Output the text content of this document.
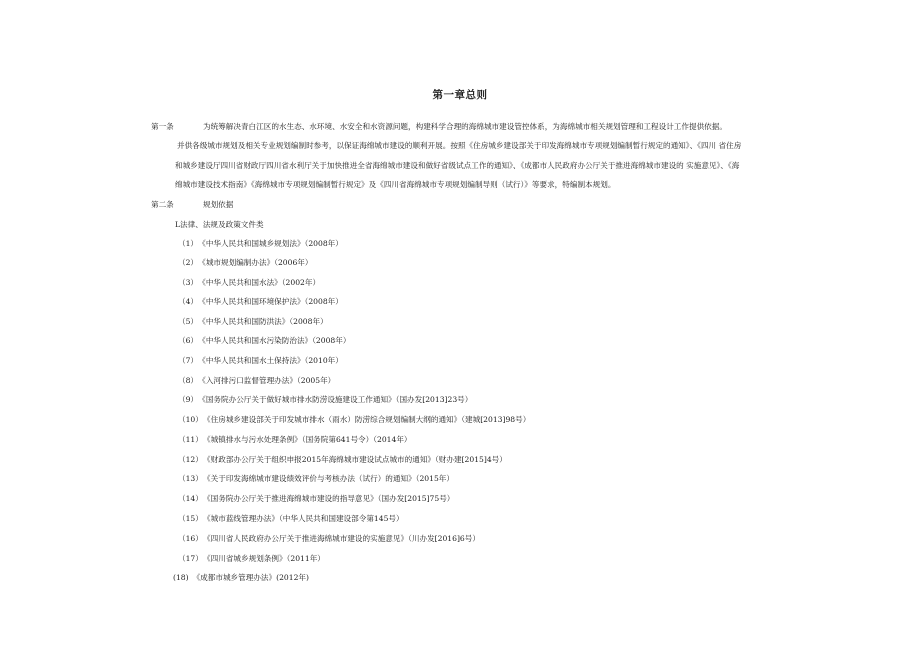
第一章总则
第一条	为统筹解决青白江区的水生态、水环境、水安全和水资源问题，构建科学合理的海绵城市建设管控体系，为海绵城市相关规划管理和工程设计工作提供依据。
并供各级城市规划及相关专业规划编制时参考，以保证海绵城市建设的顺利开展。按照《住房城乡建设部关于印发海绵城市专项规划编制暂行规定的通知》、《四川 省住房
和城乡建设厅四川省财政厅四川省水利厅关于加快推进全省海绵城市建设和做好省级试点工作的通知》、《成都市人民政府办公厅关于推进海绵城市建设的 实施意见》、《海
绵城市建设技术指南》《海绵城市专项规划编制暂行规定》及《四川省海绵城市专项规划编制导则（试行）》等要求，特编制本规划。
第二条	规划依据
L法律、法规及政策文件类
（1） 《中华人民共和国城乡规划法》（2008年）
（2） 《城市规划编制办法》（2006年）
（3） 《中华人民共和国水法》（2002年）
（4） 《中华人民共和国环境保护法》（2008年）
（5） 《中华人民共和国防洪法》（2008年）
（6） 《中华人民共和国水污染防治法》（2008年）
（7） 《中华人民共和国水土保持法》（2010年）
（8） 《入河排污口监督管理办法》（2005年）
（9） 《国务院办公厅关于做好城市排水防涝设施建设工作通知》（国办发[2013]23号）
（10） 《住房城乡建设部关于印发城市排水（雨水）防涝综合规划编制大纲的通知》（建城[2013]98号）
（11） 《城镇排水与污水处理条例》（国务院第641号令）（2014年）
（12） 《财政部办公厅关于组织申报2015年海绵城市建设试点城市的通知》（财办建[2015]4号）
（13） 《关于印发海绵城市建设绩效评价与考核办法（试行）的通知》（2015年）
（14） 《国务院办公厅关于推进海绵城市建设的指导意见》（国办发[2015]75号）
（15） 《城市蓝线管理办法》（中华人民共和国建设部令第145号）
（16） 《四川省人民政府办公厅关于推进海绵城市建设的实施意见》（川办发[2016]6号）
（17） 《四川省城乡规划条例》（2011年）
(18) 《成都市城乡管理办法》(2012年)
